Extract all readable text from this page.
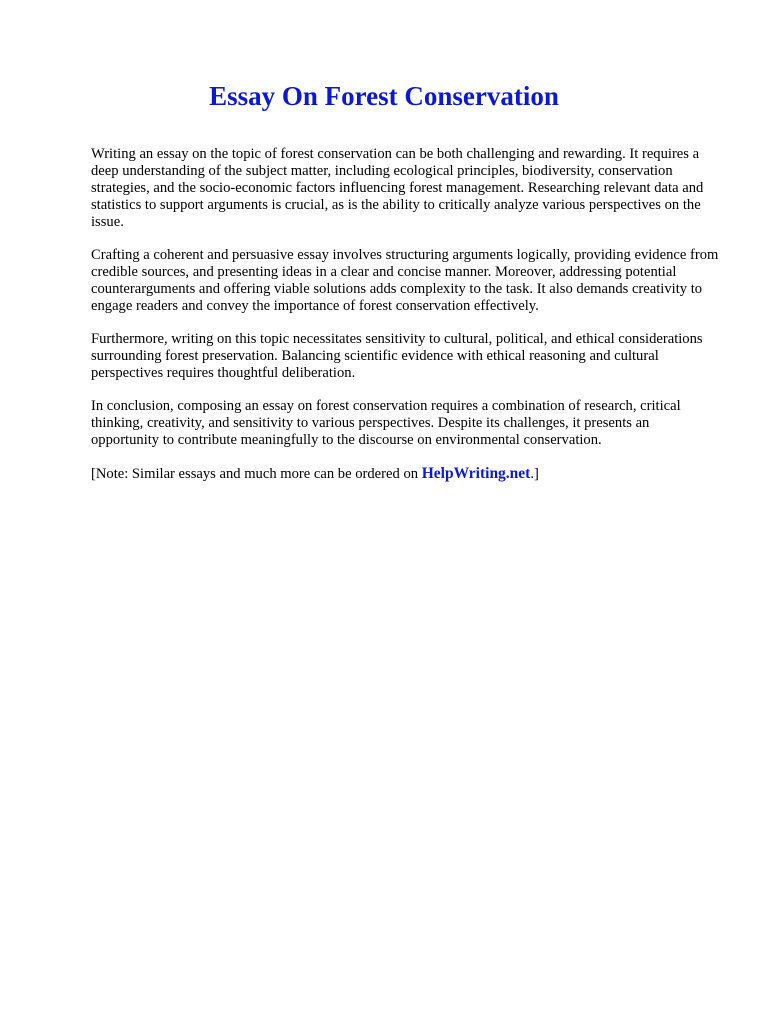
Essay On Forest Conservation

Writing an essay on the topic of forest conservation can be both challenging and rewarding. It requires a deep understanding of the subject matter, including ecological principles, biodiversity, conservation strategies, and the socio-economic factors influencing forest management. Researching relevant data and statistics to support arguments is crucial, as is the ability to critically analyze various perspectives on the issue.

Crafting a coherent and persuasive essay involves structuring arguments logically, providing evidence from credible sources, and presenting ideas in a clear and concise manner. Moreover, addressing potential counterarguments and offering viable solutions adds complexity to the task. It also demands creativity to engage readers and convey the importance of forest conservation effectively.

Furthermore, writing on this topic necessitates sensitivity to cultural, political, and ethical considerations surrounding forest preservation. Balancing scientific evidence with ethical reasoning and cultural perspectives requires thoughtful deliberation.

In conclusion, composing an essay on forest conservation requires a combination of research, critical thinking, creativity, and sensitivity to various perspectives. Despite its challenges, it presents an opportunity to contribute meaningfully to the discourse on environmental conservation.

[Note: Similar essays and much more can be ordered on HelpWriting.net.]
